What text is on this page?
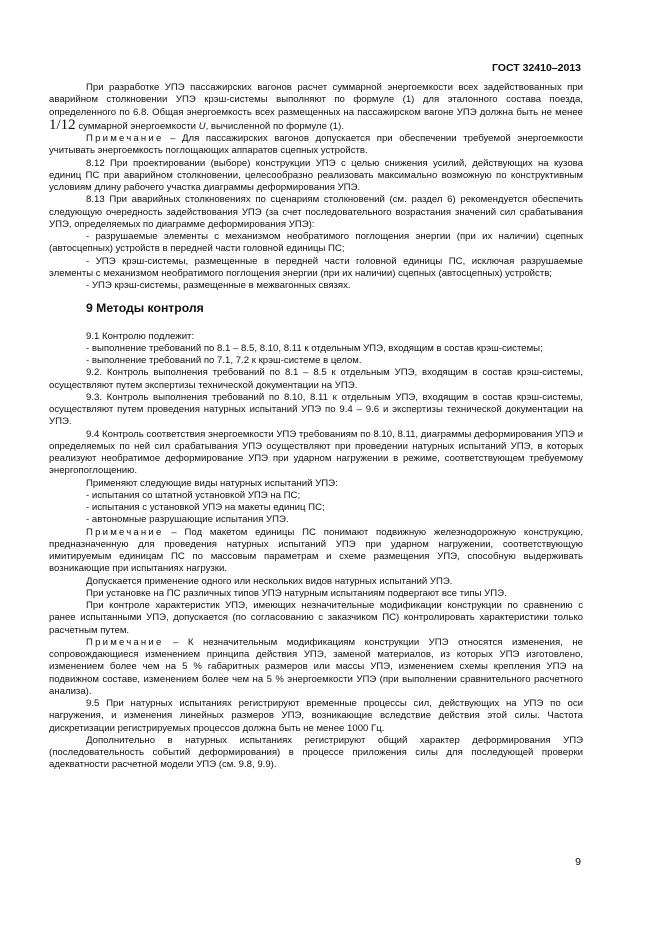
ГОСТ 32410–2013

При разработке УПЭ пассажирских вагонов расчет суммарной энергоемкости всех задействованных при аварийном столкновении УПЭ крэш-системы выполняют по формуле (1) для эталонного состава поезда, определенного по 6.8. Общая энергоемкость всех размещенных на пассажирском вагоне УПЭ должна быть не менее 1/12 суммарной энергоемкости U, вычисленной по формуле (1).

Примечание – Для пассажирских вагонов допускается при обеспечении требуемой энергоемкости учитывать энергоемкость поглощающих аппаратов сцепных устройств.

8.12 При проектировании (выборе) конструкции УПЭ с целью снижения усилий, действующих на кузова единиц ПС при аварийном столкновении, целесообразно реализовать максимально возможную по конструктивным условиям длину рабочего участка диаграммы деформирования УПЭ.

8.13 При аварийных столкновениях по сценариям столкновений (см. раздел 6) рекомендуется обеспечить следующую очередность задействования УПЭ (за счет последовательного возрастания значений сил срабатывания УПЭ, определяемых по диаграмме деформирования УПЭ):

- разрушаемые элементы с механизмом необратимого поглощения энергии (при их наличии) сцепных (автосцепных) устройств в передней части головной единицы ПС;

- УПЭ крэш-системы, размещенные в передней части головной единицы ПС, исключая разрушаемые элементы с механизмом необратимого поглощения энергии (при их наличии) сцепных (автосцепных) устройств;

- УПЭ крэш-системы, размещенные в межвагонных связях.

9 Методы контроля

9.1 Контролю подлежит:

- выполнение требований по 8.1 – 8.5, 8.10, 8.11 к отдельным УПЭ, входящим в состав крэш-системы;

- выполнение требований по 7.1, 7.2 к крэш-системе в целом.

9.2. Контроль выполнения требований по 8.1 – 8.5 к отдельным УПЭ, входящим в состав крэш-системы, осуществляют путем экспертизы технической документации на УПЭ.

9.3. Контроль выполнения требований по 8.10, 8.11 к отдельным УПЭ, входящим в состав крэш-системы, осуществляют путем проведения натурных испытаний УПЭ по 9.4 – 9.6 и экспертизы технической документации на УПЭ.

9.4 Контроль соответствия энергоемкости УПЭ требованиям по 8.10, 8.11, диаграммы деформирования УПЭ и определяемых по ней сил срабатывания УПЭ осуществляют при проведении натурных испытаний УПЭ, в которых реализуют необратимое деформирование УПЭ при ударном нагружении в режиме, соответствующем требуемому энергопоглощению.

Применяют следующие виды натурных испытаний УПЭ:

- испытания со штатной установкой УПЭ на ПС;

- испытания с установкой УПЭ на макеты единиц ПС;

- автономные разрушающие испытания УПЭ.

Примечание – Под макетом единицы ПС понимают подвижную железнодорожную конструкцию, предназначенную для проведения натурных испытаний УПЭ при ударном нагружении, соответствующую имитируемым единицам ПС по массовым параметрам и схеме размещения УПЭ, способную выдерживать возникающие при испытаниях нагрузки.

Допускается применение одного или нескольких видов натурных испытаний УПЭ.

При установке на ПС различных типов УПЭ натурным испытаниям подвергают все типы УПЭ.

При контроле характеристик УПЭ, имеющих незначительные модификации конструкции по сравнению с ранее испытанными УПЭ, допускается (по согласованию с заказчиком ПС) контролировать характеристики только расчетным путем.

Примечание – К незначительным модификациям конструкции УПЭ относятся изменения, не сопровождающиеся изменением принципа действия УПЭ, заменой материалов, из которых УПЭ изготовлено, изменением более чем на 5 % габаритных размеров или массы УПЭ, изменением схемы крепления УПЭ на подвижном составе, изменением более чем на 5 % энергоемкости УПЭ (при выполнении сравнительного расчетного анализа).

9.5 При натурных испытаниях регистрируют временные процессы сил, действующих на УПЭ по оси нагружения, и изменения линейных размеров УПЭ, возникающие вследствие действия этой силы. Частота дискретизации регистрируемых процессов должна быть не менее 1000 Гц.

Дополнительно в натурных испытаниях регистрируют общий характер деформирования УПЭ (последовательность событий деформирования) в процессе приложения силы для последующей проверки адекватности расчетной модели УПЭ (см. 9.8, 9.9).

9
